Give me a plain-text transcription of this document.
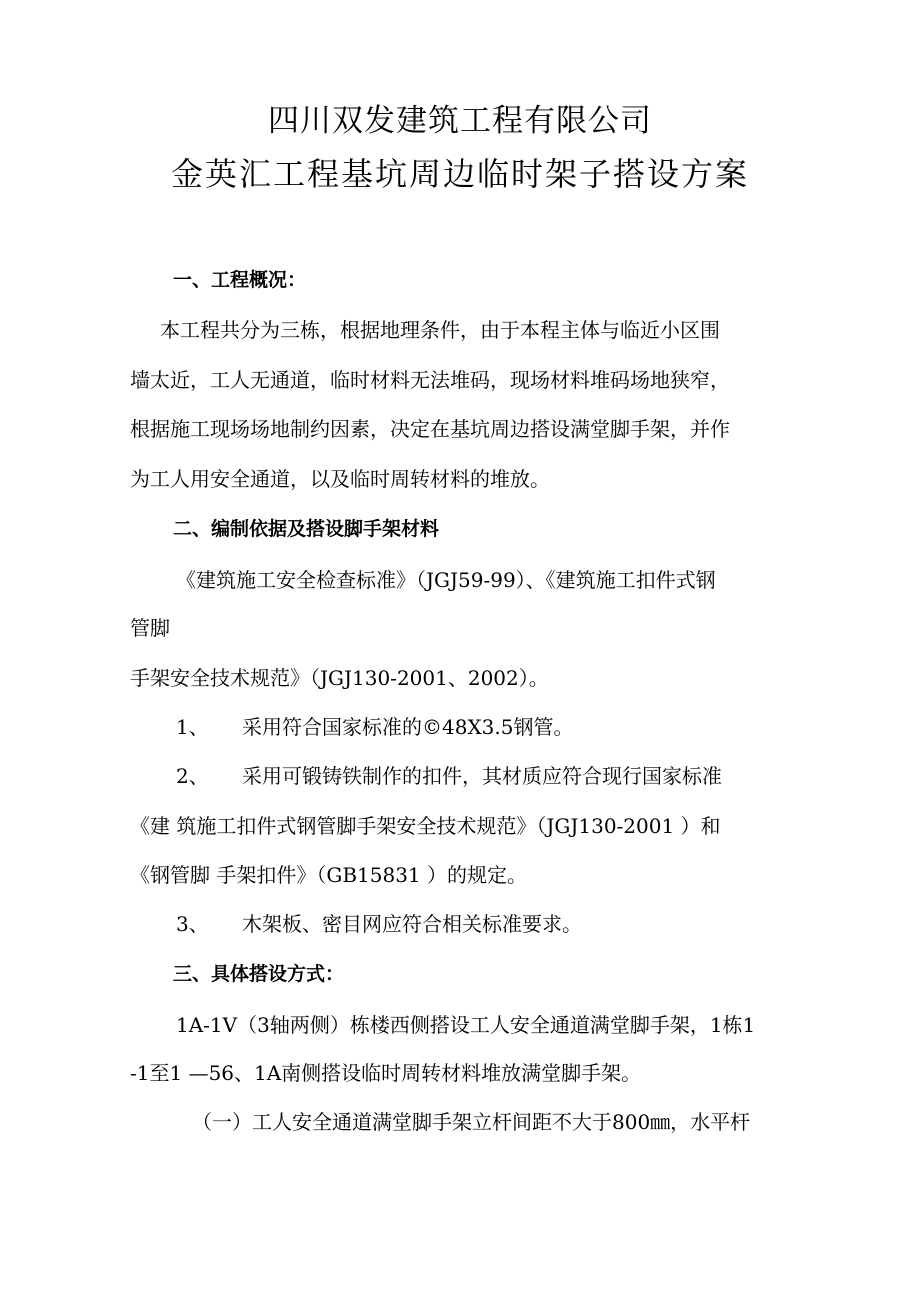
四川双发建筑工程有限公司
金英汇工程基坑周边临时架子搭设方案
一、工程概况：
本工程共分为三栋，根据地理条件，由于本程主体与临近小区围
墙太近，工人无通道，临时材料无法堆码，现场材料堆码场地狭窄，
根据施工现场场地制约因素，决定在基坑周边搭设满堂脚手架，并作
为工人用安全通道，以及临时周转材料的堆放。
二、编制依据及搭设脚手架材料
《建筑施工安全检查标准》（JGJ59-99）、《建筑施工扣件式钢
管脚
手架安全技术规范》（JGJ130-2001、2002）。
1、 采用符合国家标准的©48X3.5钢管。
2、 采用可锻铸铁制作的扣件，其材质应符合现行国家标准
《建 筑施工扣件式钢管脚手架安全技术规范》（JGJ130-2001 ）和
《钢管脚 手架扣件》（GB15831 ）的规定。
3、 木架板、密目网应符合相关标准要求。
三、具体搭设方式：
1A-1V（3轴两侧）栋楼西侧搭设工人安全通道满堂脚手架，1栋1
-1至1 —56、1A南侧搭设临时周转材料堆放满堂脚手架。
（一）工人安全通道满堂脚手架立杆间距不大于800㎜，水平杆
